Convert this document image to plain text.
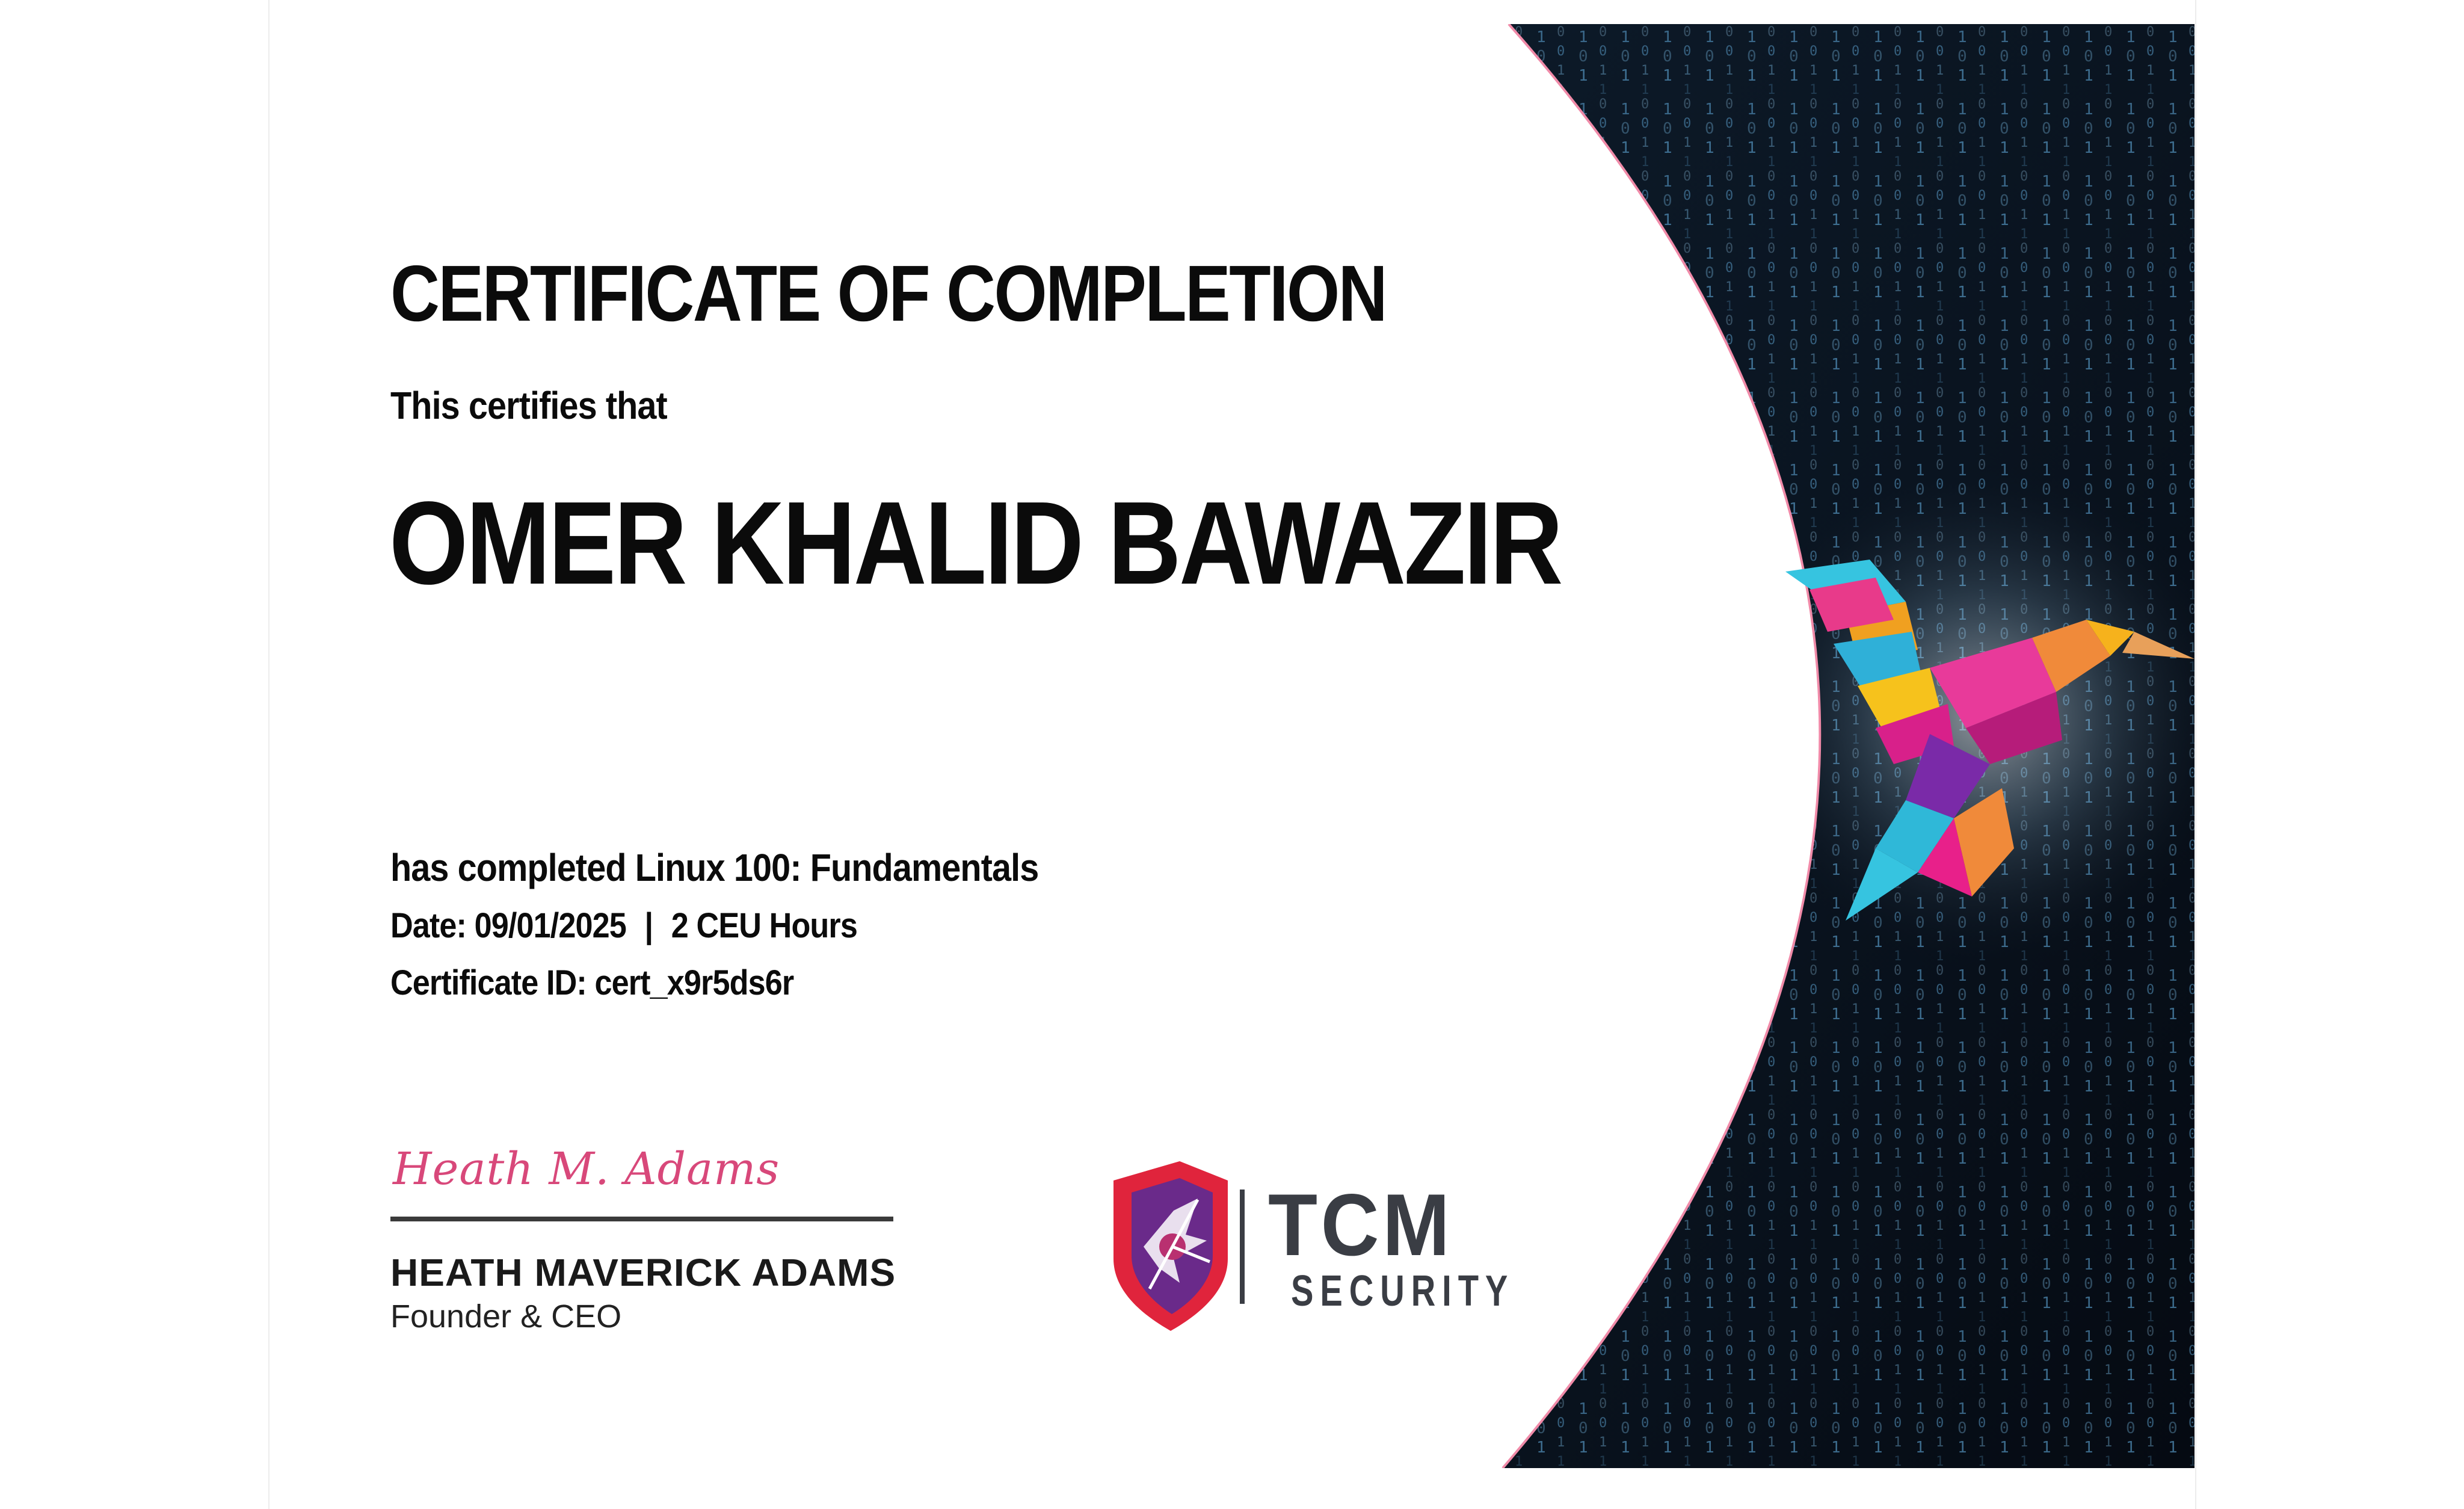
CERTIFICATE OF COMPLETION
This certifies that
OMER KHALID BAWAZIR
has completed Linux 100: Fundamentals
Date: 09/01/2025 | 2 CEU Hours
Certificate ID: cert_x9r5ds6r
Heath M. Adams
HEATH MAVERICK ADAMS
Founder & CEO
TCM
SECURITY
